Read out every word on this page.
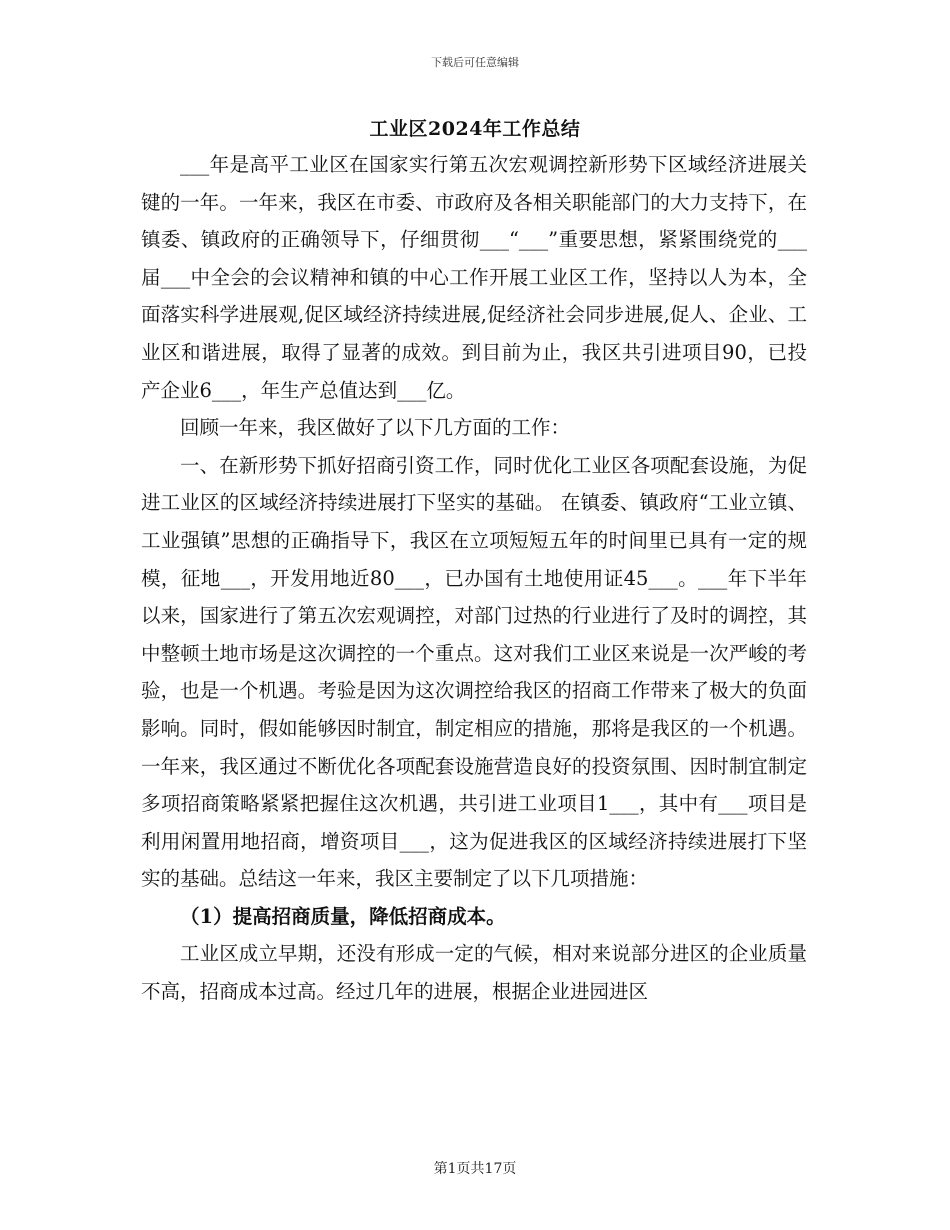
下载后可任意编辑
工业区2024年工作总结

___年是高平工业区在国家实行第五次宏观调控新形势下区域经济进展关键的一年。一年来，我区在市委、市政府及各相关职能部门的大力支持下，在镇委、镇政府的正确领导下，仔细贯彻___“___”重要思想，紧紧围绕党的___届___中全会的会议精神和镇的中心工作开展工业区工作，坚持以人为本，全面落实科学进展观,促区域经济持续进展,促经济社会同步进展,促人、企业、工业区和谐进展，取得了显著的成效。到目前为止，我区共引进项目90，已投产企业6___，年生产总值达到___亿。

回顾一年来，我区做好了以下几方面的工作：

一、在新形势下抓好招商引资工作，同时优化工业区各项配套设施，为促进工业区的区域经济持续进展打下坚实的基础。 在镇委、镇政府“工业立镇、工业强镇”思想的正确指导下，我区在立项短短五年的时间里已具有一定的规模，征地___，开发用地近80___，已办国有土地使用证45___。___年下半年以来，国家进行了第五次宏观调控，对部门过热的行业进行了及时的调控，其中整顿土地市场是这次调控的一个重点。这对我们工业区来说是一次严峻的考验，也是一个机遇。考验是因为这次调控给我区的招商工作带来了极大的负面影响。同时，假如能够因时制宜，制定相应的措施，那将是我区的一个机遇。一年来，我区通过不断优化各项配套设施营造良好的投资氛围、因时制宜制定多项招商策略紧紧把握住这次机遇，共引进工业项目1___，其中有___项目是利用闲置用地招商，增资项目___，这为促进我区的区域经济持续进展打下坚实的基础。总结这一年来，我区主要制定了以下几项措施：

（1）提高招商质量，降低招商成本。

工业区成立早期，还没有形成一定的气候，相对来说部分进区的企业质量不高，招商成本过高。经过几年的进展，根据企业进园进区

第1页共17页
